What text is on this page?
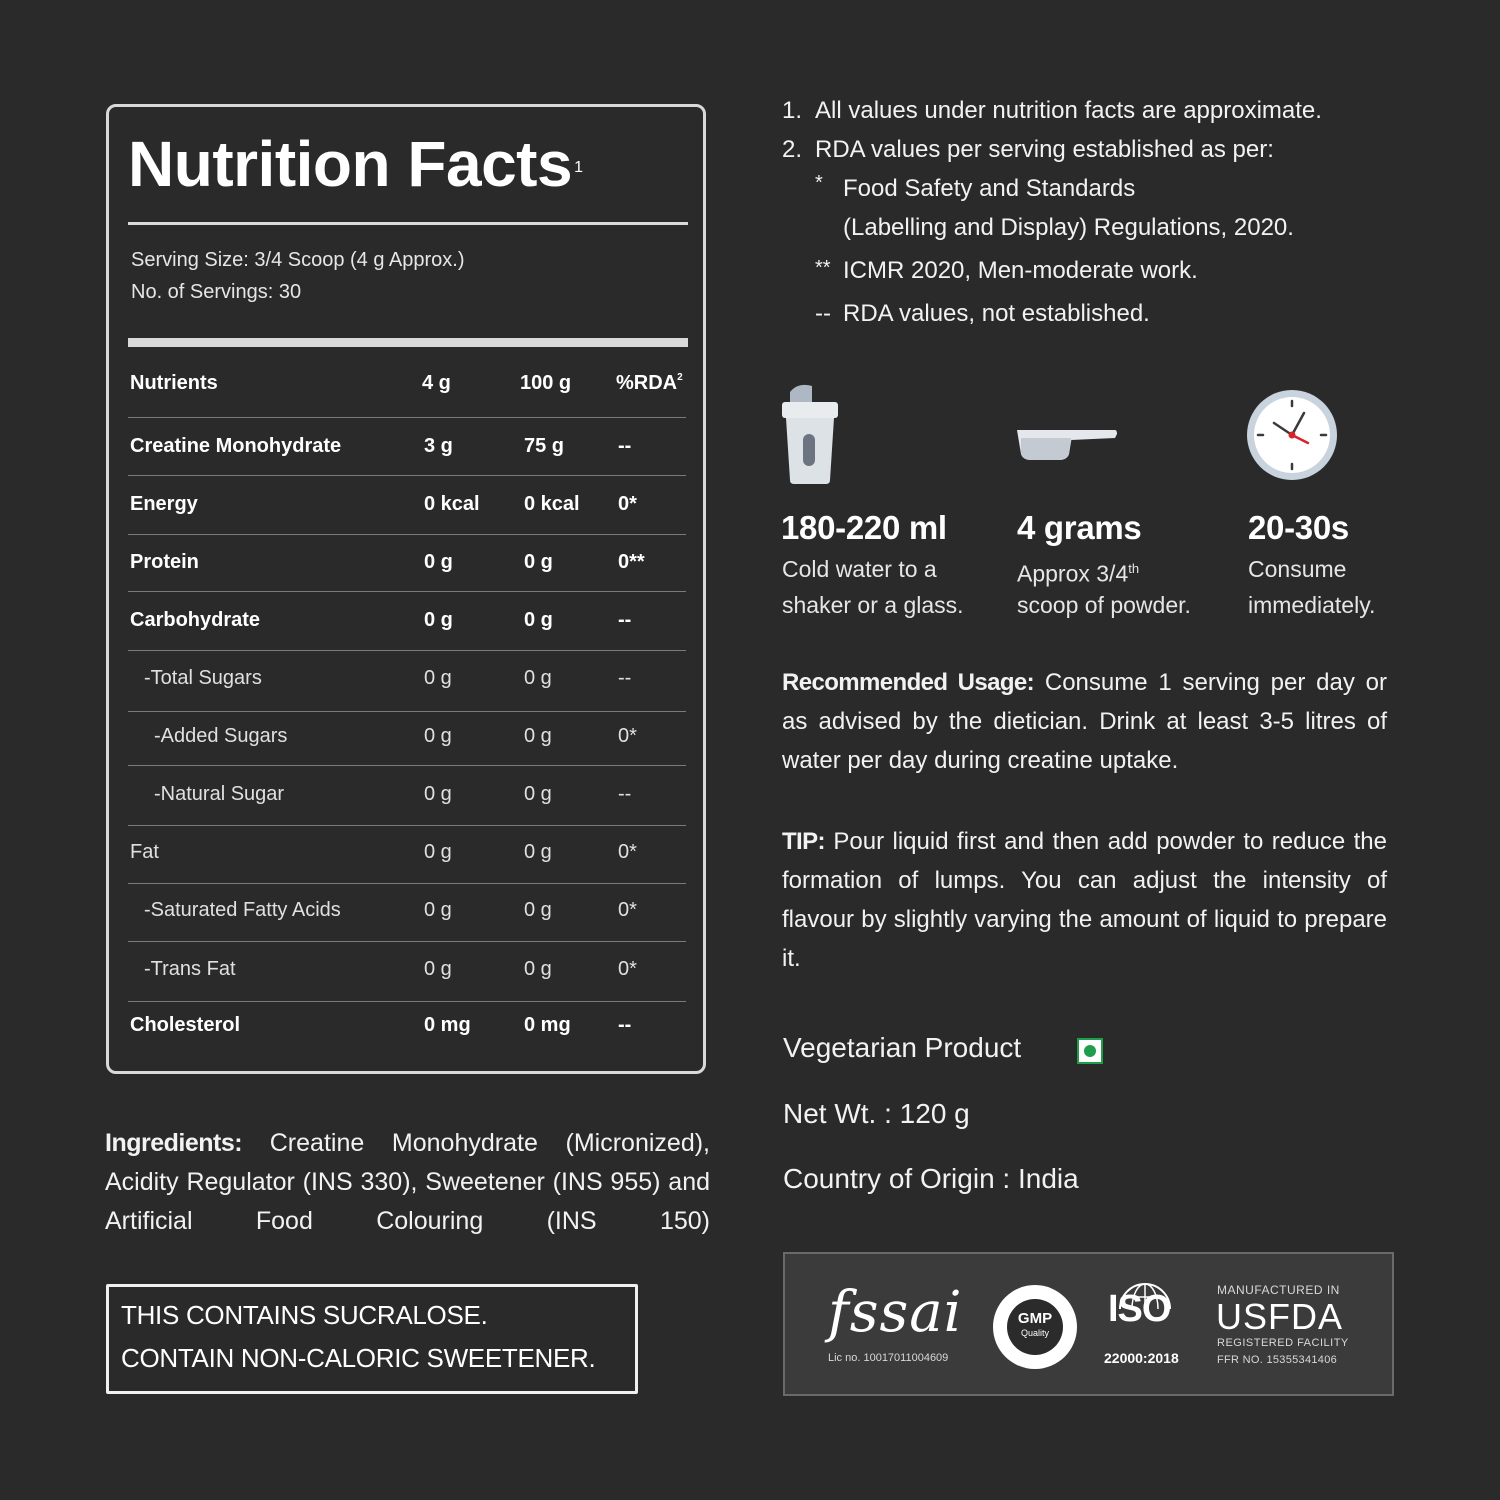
Nutrition Facts $^1$
Serving Size: 3/4 Scoop (4 g Approx.)
No. of Servings: 30
Nutrients	4 g	100 g %RDA$^2$
Creatine Monohydrate	3 g	75 g	--
Energy	0 kcal 0 kcal 0*
Protein	0 g	0 g	0**
Carbohydrate	0 g	0 g	--
-Total Sugars	0 g	0 g	--
-Added Sugars	0 g	0 g	0*
-Natural Sugar	0 g	0 g	--
Fat	0 g	0 g	0*
-Saturated Fatty Acids	0 g	0 g	0*
-Trans Fat	0 g	0 g	0*
Cholesterol	0 mg	0 mg --
Ingredients: Creatine Monohydrate (Micronized), Acidity Regulator (INS 330), Sweetener (INS 955) and Artificial Food Colouring (INS 150)
THIS CONTAINS SUCRALOSE.
CONTAIN NON-CALORIC SWEETENER.
1. All values under nutrition facts are approximate.
2. RDA values per serving established as per:
* Food Safety and Standards
(Labelling and Display) Regulations, 2020.
** ICMR 2020, Men-moderate work.
-- RDA values, not established.
180-220 ml
Cold water to a
shaker or a glass.
4 grams
Approx 3/4th
scoop of powder.
20-30s
Consume
immediately.
Recommended Usage: Consume 1 serving per day or as advised by the dietician. Drink at least 3-5 litres of water per day during creatine uptake.
TIP: Pour liquid first and then add powder to reduce the formation of lumps. You can adjust the intensity of flavour by slightly varying the amount of liquid to prepare it.
Vegetarian Product
Net Wt. : 120 g
Country of Origin : India
fssai
Lic no. 10017011004609
GMP
Quality
ISO
22000:2018
MANUFACTURED IN
USFDA
REGISTERED FACILITY
FFR NO. 15355341406
